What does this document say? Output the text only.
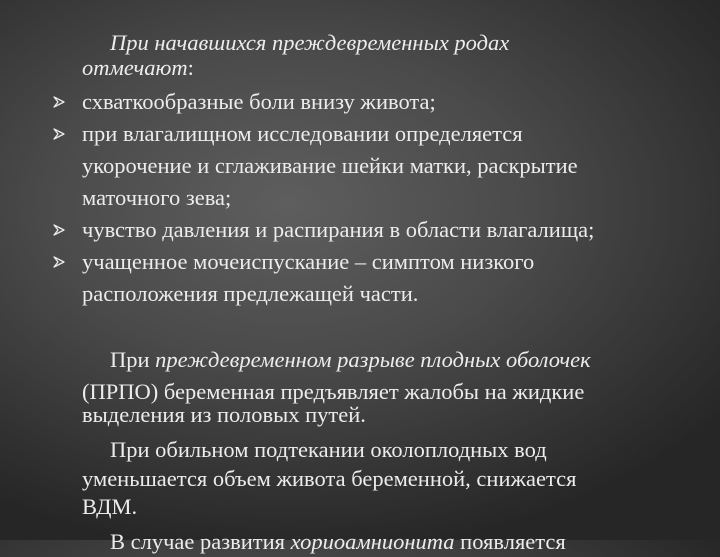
При начавшихся преждевременных родах
отмечают:
схваткообразные боли внизу живота;
при влагалищном исследовании определяется
укорочение и сглаживание шейки матки, раскрытие
маточного зева;
чувство давления и распирания в области влагалища;
учащенное мочеиспускание – симптом низкого
расположения предлежащей части.
При преждевременном разрыве плодных оболочек
(ПРПО) беременная предъявляет жалобы на жидкие
выделения из половых путей.
При обильном подтекании околоплодных вод
уменьшается объем живота беременной, снижается
ВДМ.
В случае развития хориоамнионита появляется
